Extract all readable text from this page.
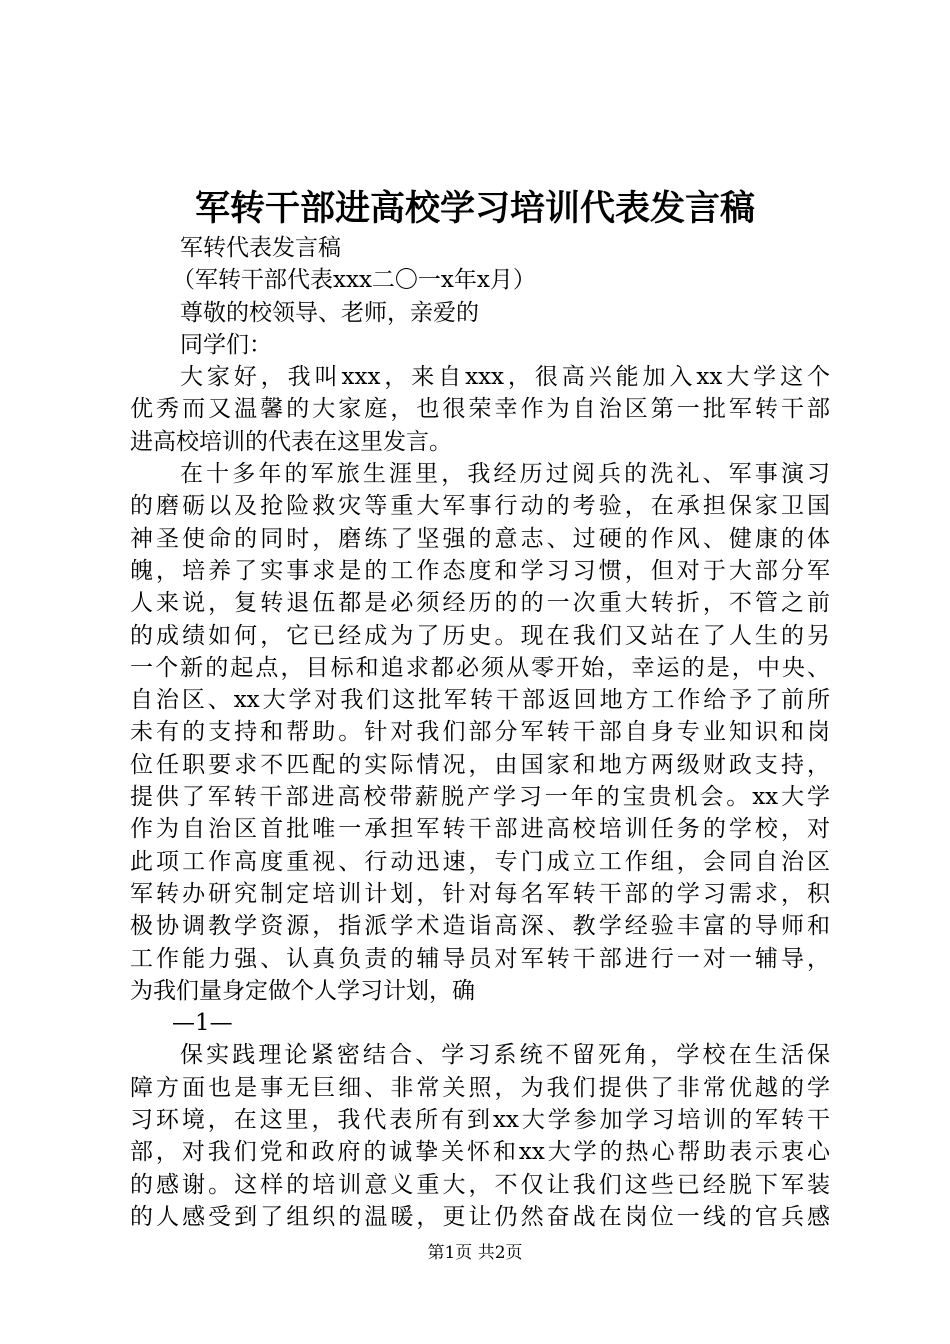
军转干部进高校学习培训代表发言稿
军转代表发言稿
（军转干部代表xxx二〇一x年x月）
尊敬的校领导、老师，亲爱的
同学们：
大家好，我叫xxx，来自xxx，很高兴能加入xx大学这个
优秀而又温馨的大家庭，也很荣幸作为自治区第一批军转干部
进高校培训的代表在这里发言。
在十多年的军旅生涯里，我经历过阅兵的洗礼、军事演习
的磨砺以及抢险救灾等重大军事行动的考验，在承担保家卫国
神圣使命的同时，磨练了坚强的意志、过硬的作风、健康的体
魄，培养了实事求是的工作态度和学习习惯，但对于大部分军
人来说，复转退伍都是必须经历的的一次重大转折，不管之前
的成绩如何，它已经成为了历史。现在我们又站在了人生的另
一个新的起点，目标和追求都必须从零开始，幸运的是，中央、
自治区、xx大学对我们这批军转干部返回地方工作给予了前所
未有的支持和帮助。针对我们部分军转干部自身专业知识和岗
位任职要求不匹配的实际情况，由国家和地方两级财政支持，
提供了军转干部进高校带薪脱产学习一年的宝贵机会。xx大学
作为自治区首批唯一承担军转干部进高校培训任务的学校，对
此项工作高度重视、行动迅速，专门成立工作组，会同自治区
军转办研究制定培训计划，针对每名军转干部的学习需求，积
极协调教学资源，指派学术造诣高深、教学经验丰富的导师和
工作能力强、认真负责的辅导员对军转干部进行一对一辅导，
为我们量身定做个人学习计划，确
—1—
保实践理论紧密结合、学习系统不留死角，学校在生活保
障方面也是事无巨细、非常关照，为我们提供了非常优越的学
习环境，在这里，我代表所有到xx大学参加学习培训的军转干
部，对我们党和政府的诚挚关怀和xx大学的热心帮助表示衷心
的感谢。这样的培训意义重大，不仅让我们这些已经脱下军装
的人感受到了组织的温暖，更让仍然奋战在岗位一线的官兵感
第1页 共2页
